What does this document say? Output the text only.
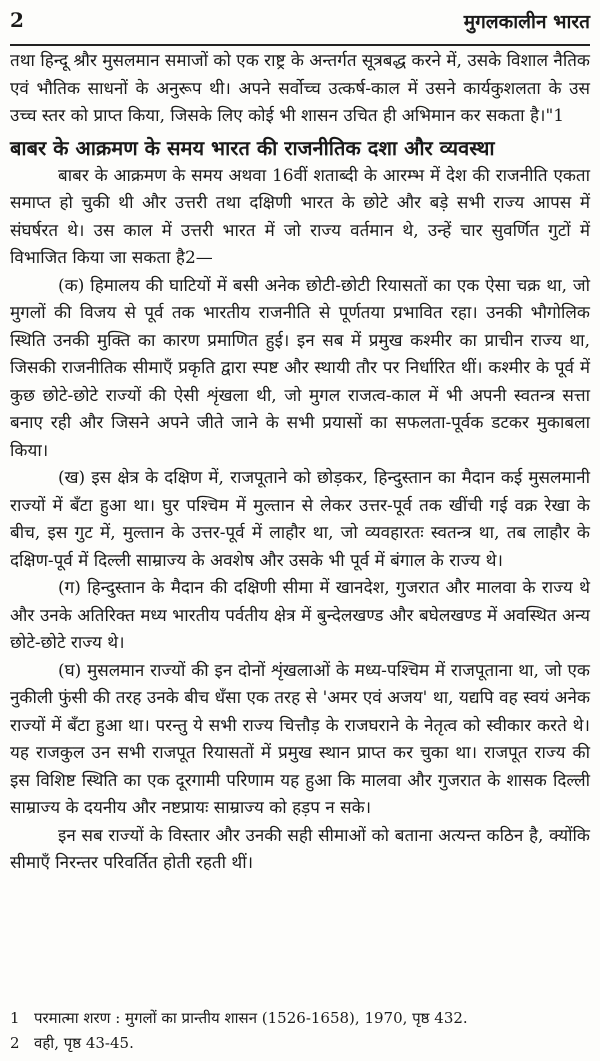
2	मुगलकालीन भारत

तथा हिन्दू श्रौर मुसलमान समाजों को एक राष्ट्र के अन्तर्गत सूत्रबद्ध करने में, उसके विशाल नैतिक एवं भौतिक साधनों के अनुरूप थी। अपने सर्वोच्च उत्कर्ष-काल में उसने कार्यकुशलता के उस उच्च स्तर को प्राप्त किया, जिसके लिए कोई भी शासन उचित ही अभिमान कर सकता है।"1

बाबर के आक्रमण के समय भारत की राजनीतिक दशा और व्यवस्था

बाबर के आक्रमण के समय अथवा 16वीं शताब्दी के आरम्भ में देश की राजनीति एकता समाप्त हो चुकी थी और उत्तरी तथा दक्षिणी भारत के छोटे और बड़े सभी राज्य आपस में संघर्षरत थे। उस काल में उत्तरी भारत में जो राज्य वर्तमान थे, उन्हें चार सुवर्णित गुटों में विभाजित किया जा सकता है2—

(क) हिमालय की घाटियों में बसी अनेक छोटी-छोटी रियासतों का एक ऐसा चक्र था, जो मुगलों की विजय से पूर्व तक भारतीय राजनीति से पूर्णतया प्रभावित रहा। उनकी भौगोलिक स्थिति उनकी मुक्ति का कारण प्रमाणित हुई। इन सब में प्रमुख कश्मीर का प्राचीन राज्य था, जिसकी राजनीतिक सीमाएँ प्रकृति द्वारा स्पष्ट और स्थायी तौर पर निर्धारित थीं। कश्मीर के पूर्व में कुछ छोटे-छोटे राज्यों की ऐसी शृंखला थी, जो मुगल राजत्व-काल में भी अपनी स्वतन्त्र सत्ता बनाए रही और जिसने अपने जीते जाने के सभी प्रयासों का सफलता-पूर्वक डटकर मुकाबला किया।

(ख) इस क्षेत्र के दक्षिण में, राजपूताने को छोड़कर, हिन्दुस्तान का मैदान कई मुसलमानी राज्यों में बँटा हुआ था। घुर पश्चिम में मुल्तान से लेकर उत्तर-पूर्व तक खींची गई वक्र रेखा के बीच, इस गुट में, मुल्तान के उत्तर-पूर्व में लाहौर था, जो व्यवहारतः स्वतन्त्र था, तब लाहौर के दक्षिण-पूर्व में दिल्ली साम्राज्य के अवशेष और उसके भी पूर्व में बंगाल के राज्य थे।

(ग) हिन्दुस्तान के मैदान की दक्षिणी सीमा में खानदेश, गुजरात और मालवा के राज्य थे और उनके अतिरिक्त मध्य भारतीय पर्वतीय क्षेत्र में बुन्देलखण्ड और बघेलखण्ड में अवस्थित अन्य छोटे-छोटे राज्य थे।

(घ) मुसलमान राज्यों की इन दोनों शृंखलाओं के मध्य-पश्चिम में राजपूताना था, जो एक नुकीली फुंसी की तरह उनके बीच धँसा एक तरह से 'अमर एवं अजय' था, यद्यपि वह स्वयं अनेक राज्यों में बँटा हुआ था। परन्तु ये सभी राज्य चित्तौड़ के राजघराने के नेतृत्व को स्वीकार करते थे। यह राजकुल उन सभी राजपूत रियासतों में प्रमुख स्थान प्राप्त कर चुका था। राजपूत राज्य की इस विशिष्ट स्थिति का एक दूरगामी परिणाम यह हुआ कि मालवा और गुजरात के शासक दिल्ली साम्राज्य के दयनीय और नष्टप्रायः साम्राज्य को हड़प न सके।

इन सब राज्यों के विस्तार और उनकी सही सीमाओं को बताना अत्यन्त कठिन है, क्योंकि सीमाएँ निरन्तर परिवर्तित होती रहती थीं।

1 परमात्मा शरण : मुगलों का प्रान्तीय शासन (1526-1658), 1970, पृष्ठ 432.
2 वही, पृष्ठ 43-45.
